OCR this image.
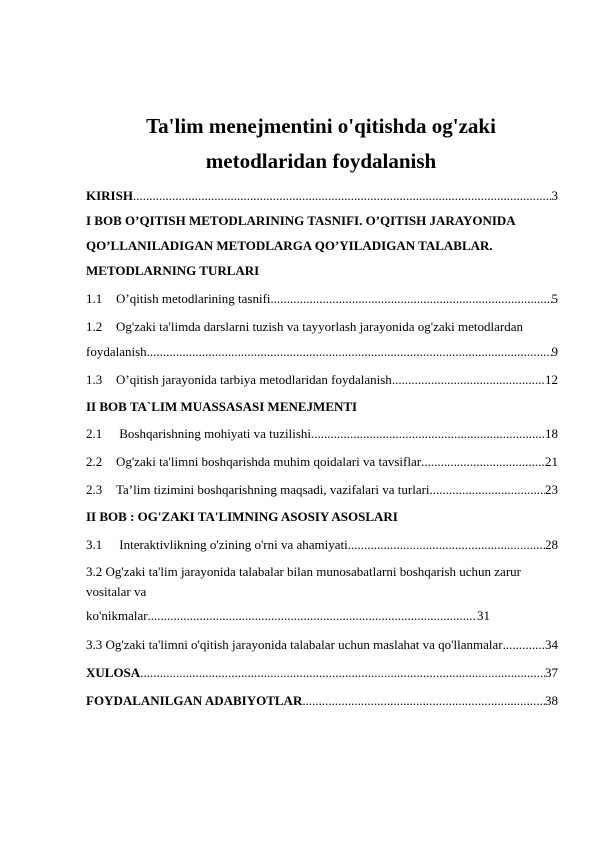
Ta'lim menejmentini o'qitishda og'zaki
metodlaridan foydalanish
KIRISH .....	3
I BOB O’QITISH METODLARINING TASNIFI. O’QITISH JARAYONIDA
QO’LLANILADIGAN METODLARGA QO’YILADIGAN TALABLAR.
METODLARNING TURLARI
1.1 O’qitish metodlarining tasnifi .....	5
1.2 Og'zaki ta'limda darslarni tuzish va tayyorlash jarayonida og'zaki metodlardan
foydalanish .....	9
1.3 O’qitish jarayonida tarbiya metodlaridan foydalanish .....	12
II BOB TA`LIM MUASSASASI MENEJMENTI
2.1 Boshqarishning mohiyati va tuzilishi .....	18
2.2 Og'zaki ta'limni boshqarishda muhim qoidalari va tavsiflar .....	21
2.3 Ta’lim tizimini boshqarishning maqsadi, vazifalari va turlari .....	23
II BOB : OG'ZAKI TA'LIMNING ASOSIY ASOSLARI
3.1 Interaktivlikning o'zining o'rni va ahamiyati .....	28
3.2 Og'zaki ta'lim jarayonida talabalar bilan munosabatlarni boshqarish uchun zarur
vositalar va
ko'nikmalar .....	31
3.3 Og'zaki ta'limni o'qitish jarayonida talabalar uchun maslahat va qo'llanmalar .....	34
XULOSA .....	37
FOYDALANILGAN ADABIYOTLAR .....	38
